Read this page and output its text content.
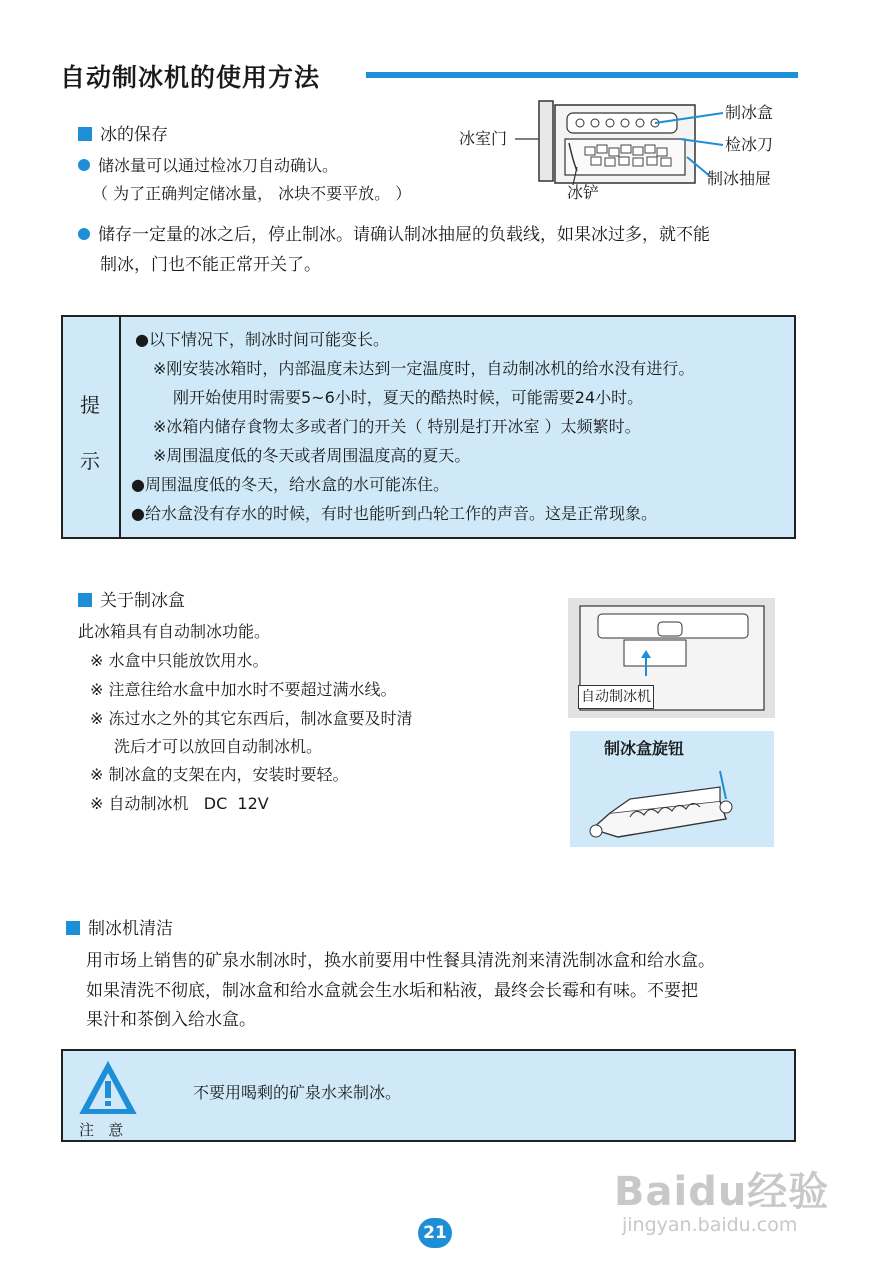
自动制冰机的使用方法
冰的保存
储冰量可以通过检冰刀自动确认。
（ 为了正确判定储冰量， 冰块不要平放。 ）
储存一定量的冰之后，停止制冰。请确认制冰抽屉的负载线，如果冰过多，就不能
制冰，门也不能正常开关了。
冰室门
制冰盒
检冰刀
制冰抽屉
冰铲
提
示
●以下情况下，制冰时间可能变长。
※刚安装冰箱时，内部温度未达到一定温度时，自动制冰机的给水没有进行。
刚开始使用时需要5~6小时，夏天的酷热时候，可能需要24小时。
※冰箱内储存食物太多或者门的开关（ 特别是打开冰室 ）太频繁时。
※周围温度低的冬天或者周围温度高的夏天。
●周围温度低的冬天，给水盒的水可能冻住。
●给水盒没有存水的时候，有时也能听到凸轮工作的声音。这是正常现象。
关于制冰盒
此冰箱具有自动制冰功能。
※ 水盒中只能放饮用水。
※ 注意往给水盒中加水时不要超过满水线。
※ 冻过水之外的其它东西后，制冰盒要及时清
洗后才可以放回自动制冰机。
※ 制冰盒的支架在内，安装时要轻。
※ 自动制冰机   DC  12V
自动制冰机
制冰盒旋钮
制冰机清洁
用市场上销售的矿泉水制冰时，换水前要用中性餐具清洗剂来清洗制冰盒和给水盒。
如果清洗不彻底，制冰盒和给水盒就会生水垢和粘液，最终会长霉和有味。不要把
果汁和茶倒入给水盒。
注   意
不要用喝剩的矿泉水来制冰。
21
Baidu经验
jingyan.baidu.com
